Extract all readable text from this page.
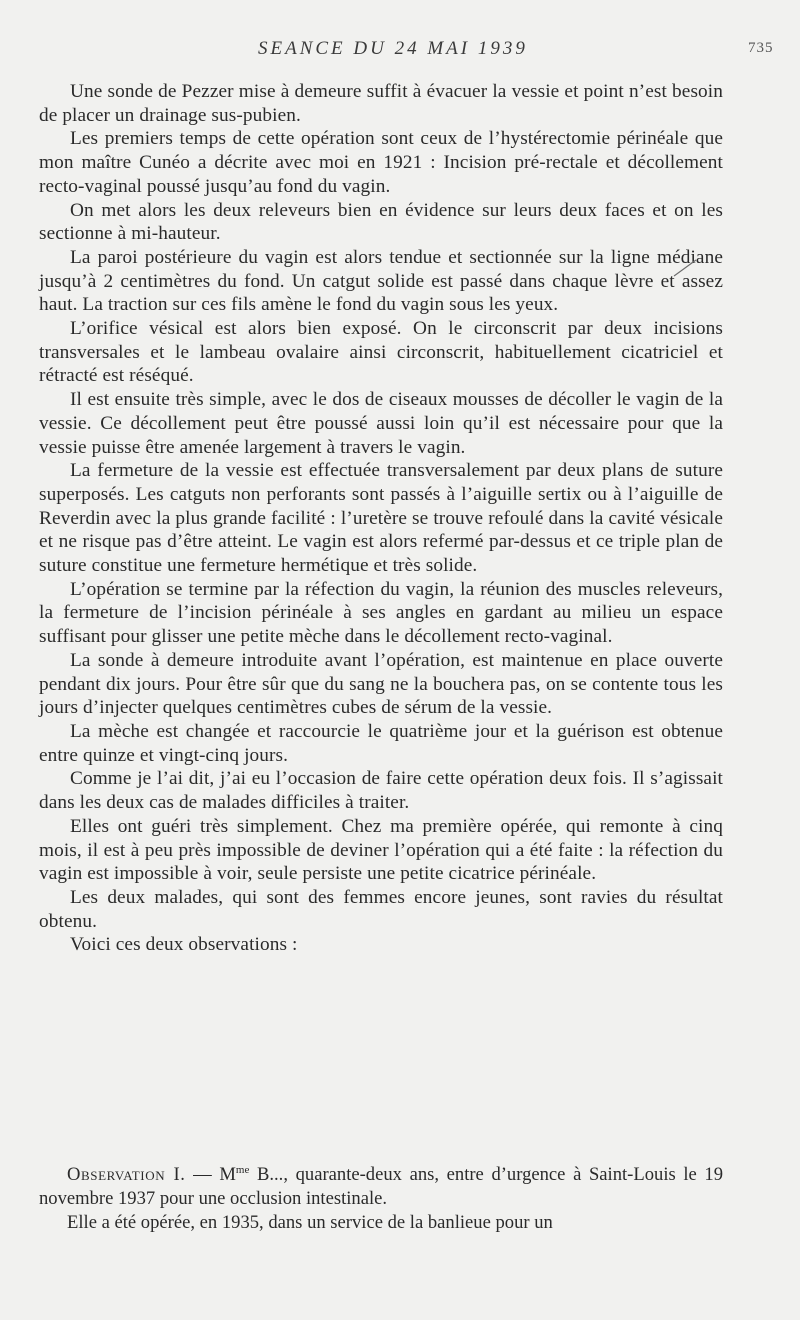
SEANCE DU 24 MAI 1939	735

Une sonde de Pezzer mise à demeure suffit à évacuer la vessie et point n’est besoin de placer un drainage sus-pubien.

Les premiers temps de cette opération sont ceux de l’hystérectomie périnéale que mon maître Cunéo a décrite avec moi en 1921 : Incision pré-rectale et décollement recto-vaginal poussé jusqu’au fond du vagin.

On met alors les deux releveurs bien en évidence sur leurs deux faces et on les sectionne à mi-hauteur.

La paroi postérieure du vagin est alors tendue et sectionnée sur la ligne médiane jusqu’à 2 centimètres du fond. Un catgut solide est passé dans chaque lèvre et assez haut. La traction sur ces fils amène le fond du vagin sous les yeux.

L’orifice vésical est alors bien exposé. On le circonscrit par deux incisions transversales et le lambeau ovalaire ainsi circonscrit, habituellement cicatriciel et rétracté est réséqué.

Il est ensuite très simple, avec le dos de ciseaux mousses de décoller le vagin de la vessie. Ce décollement peut être poussé aussi loin qu’il est nécessaire pour que la vessie puisse être amenée largement à travers le vagin.

La fermeture de la vessie est effectuée transversalement par deux plans de suture superposés. Les catguts non perforants sont passés à l’aiguille sertix ou à l’aiguille de Reverdin avec la plus grande facilité : l’uretère se trouve refoulé dans la cavité vésicale et ne risque pas d’être atteint. Le vagin est alors refermé par-dessus et ce triple plan de suture constitue une fermeture hermétique et très solide.

L’opération se termine par la réfection du vagin, la réunion des muscles releveurs, la fermeture de l’incision périnéale à ses angles en gardant au milieu un espace suffisant pour glisser une petite mèche dans le décollement recto-vaginal.

La sonde à demeure introduite avant l’opération, est maintenue en place ouverte pendant dix jours. Pour être sûr que du sang ne la bouchera pas, on se contente tous les jours d’injecter quelques centimètres cubes de sérum de la vessie.

La mèche est changée et raccourcie le quatrième jour et la guérison est obtenue entre quinze et vingt-cinq jours.

Comme je l’ai dit, j’ai eu l’occasion de faire cette opération deux fois. Il s’agissait dans les deux cas de malades difficiles à traiter.

Elles ont guéri très simplement. Chez ma première opérée, qui remonte à cinq mois, il est à peu près impossible de deviner l’opération qui a été faite : la réfection du vagin est impossible à voir, seule persiste une petite cicatrice périnéale.

Les deux malades, qui sont des femmes encore jeunes, sont ravies du résultat obtenu.

Voici ces deux observations :

Observation I. — $M^{me}$ B..., quarante-deux ans, entre d’urgence à Saint-Louis le 19 novembre 1937 pour une occlusion intestinale.

Elle a été opérée, en 1935, dans un service de la banlieue pour un
